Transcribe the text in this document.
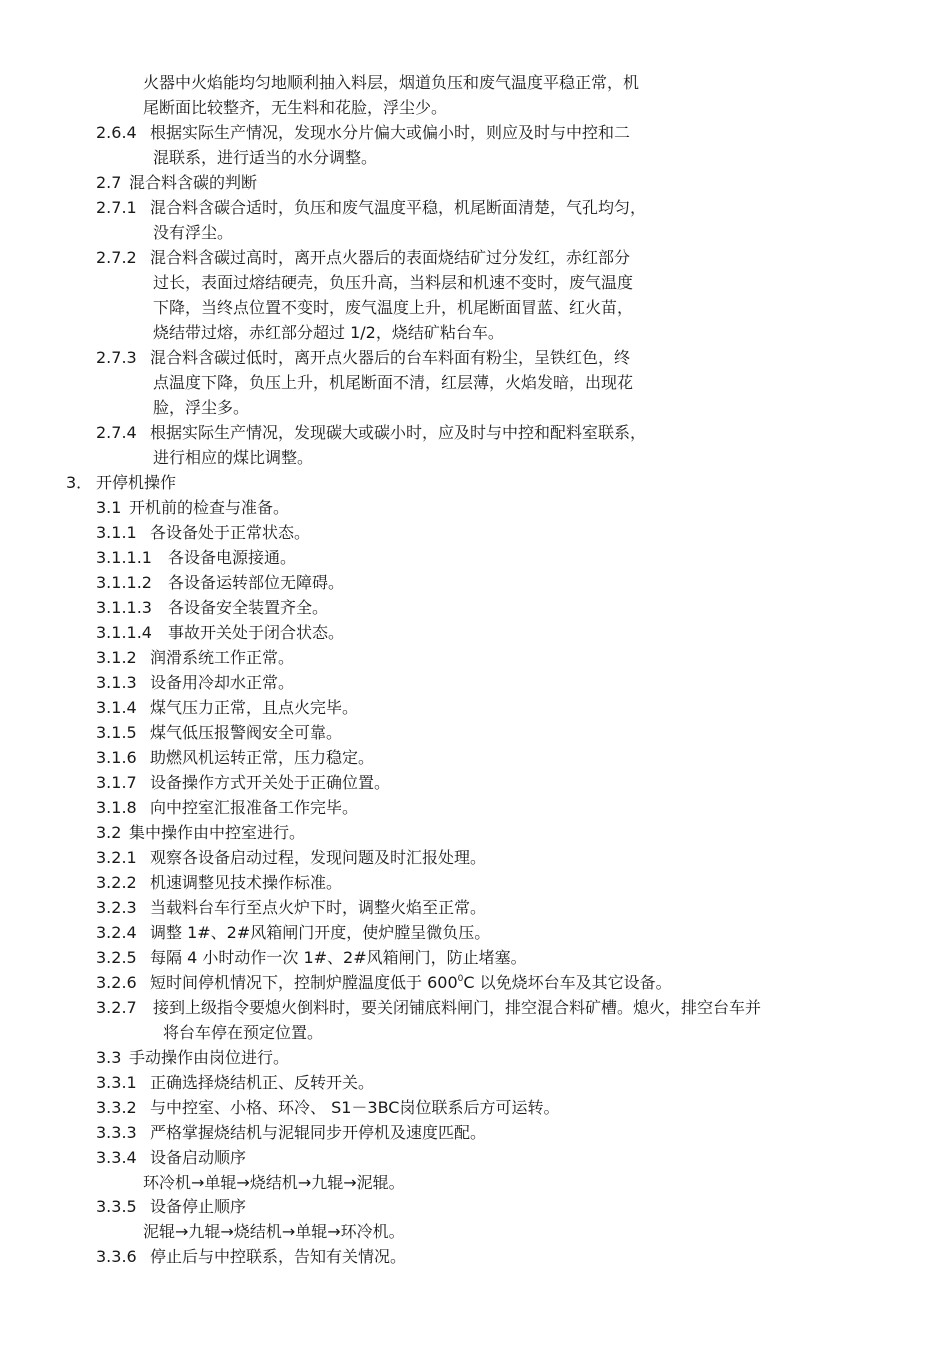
火器中火焰能均匀地顺利抽入料层，烟道负压和废气温度平稳正常，机
尾断面比较整齐，无生料和花脸，浮尘少。
2.6.4 根据实际生产情况，发现水分片偏大或偏小时，则应及时与中控和二
混联系，进行适当的水分调整。
2.7 混合料含碳的判断
2.7.1 混合料含碳合适时，负压和废气温度平稳，机尾断面清楚，气孔均匀，
没有浮尘。
2.7.2 混合料含碳过高时，离开点火器后的表面烧结矿过分发红，赤红部分
过长，表面过熔结硬壳，负压升高，当料层和机速不变时，废气温度
下降，当终点位置不变时，废气温度上升，机尾断面冒蓝、红火苗，
烧结带过熔，赤红部分超过 1/2，烧结矿粘台车。
2.7.3 混合料含碳过低时，离开点火器后的台车料面有粉尘，呈铁红色，终
点温度下降，负压上升，机尾断面不清，红层薄，火焰发暗，出现花
脸，浮尘多。
2.7.4 根据实际生产情况，发现碳大或碳小时，应及时与中控和配料室联系，
进行相应的煤比调整。
3． 开停机操作
3.1 开机前的检查与准备。
3.1.1 各设备处于正常状态。
3.1.1.1 各设备电源接通。
3.1.1.2 各设备运转部位无障碍。
3.1.1.3 各设备安全装置齐全。
3.1.1.4 事故开关处于闭合状态。
3.1.2 润滑系统工作正常。
3.1.3 设备用冷却水正常。
3.1.4 煤气压力正常，且点火完毕。
3.1.5 煤气低压报警阀安全可靠。
3.1.6 助燃风机运转正常，压力稳定。
3.1.7 设备操作方式开关处于正确位置。
3.1.8 向中控室汇报准备工作完毕。
3.2 集中操作由中控室进行。
3.2.1 观察各设备启动过程，发现问题及时汇报处理。
3.2.2 机速调整见技术操作标准。
3.2.3 当载料台车行至点火炉下时，调整火焰至正常。
3.2.4 调整 1#、2#风箱闸门开度，使炉膛呈微负压。
3.2.5 每隔 4 小时动作一次 1#、2#风箱闸门，防止堵塞。
3.2.6 短时间停机情况下，控制炉膛温度低于 $600^0C$ 以免烧坏台车及其它设备。
3.2.7 接到上级指令要熄火倒料时，要关闭铺底料闸门，排空混合料矿槽。熄火，排空台车并
将台车停在预定位置。
3.3 手动操作由岗位进行。
3.3.1 正确选择烧结机正、反转开关。
3.3.2 与中控室、小格、环冷、 S1－3BC岗位联系后方可运转。
3.3.3 严格掌握烧结机与泥辊同步开停机及速度匹配。
3.3.4 设备启动顺序
环冷机→单辊→烧结机→九辊→泥辊。
3.3.5 设备停止顺序
泥辊→九辊→烧结机→单辊→环冷机。
3.3.6 停止后与中控联系，告知有关情况。
